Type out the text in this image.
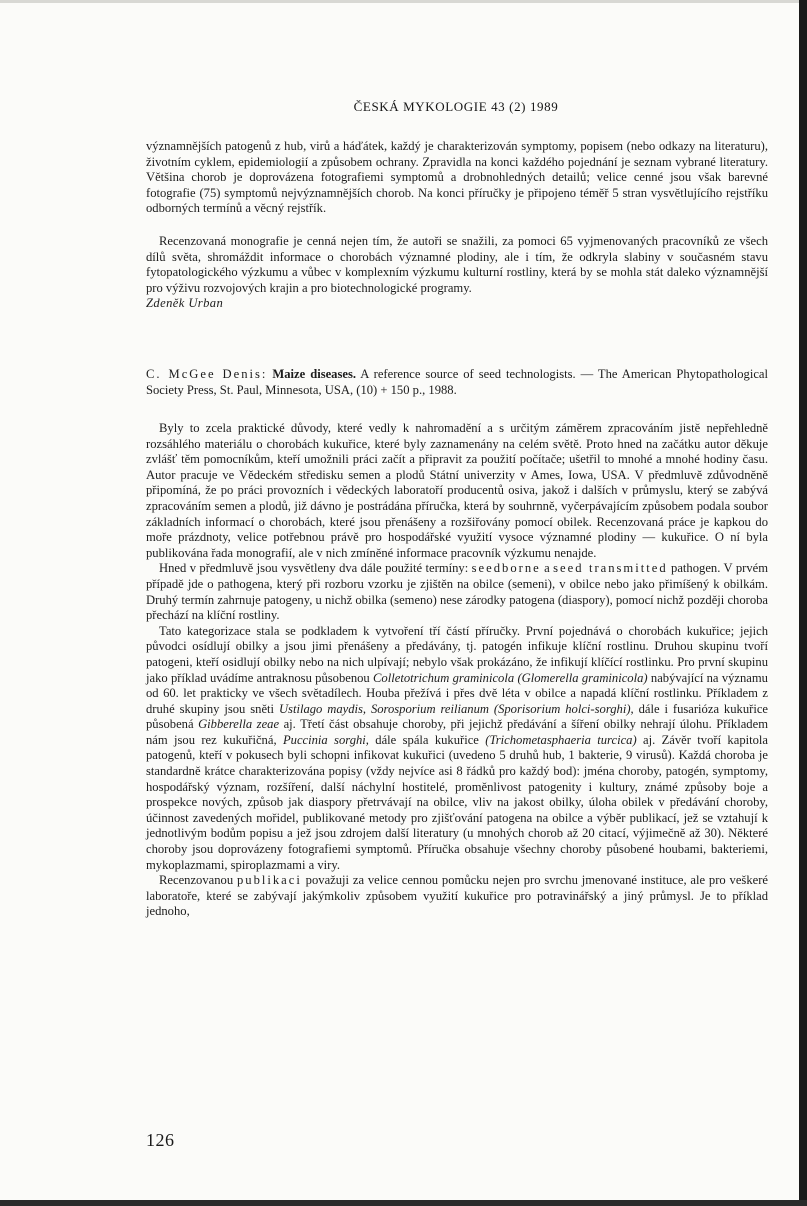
ČESKÁ MYKOLOGIE 43 (2) 1989

významnějších patogenů z hub, virů a háďátek, každý je charakterizován symptomy, popisem (nebo odkazy na literaturu), životním cyklem, epidemiologií a způsobem ochrany. Zpravidla na konci každého pojednání je seznam vybrané literatury. Většina chorob je doprovázena fotografiemi symptomů a drobnohledných detailů; velice cenné jsou však barevné fotografie (75) symptomů nejvýznamnějších chorob. Na konci příručky je připojeno téměř 5 stran vysvětlujícího rejstříku odborných termínů a věcný rejstřík.

Recenzovaná monografie je cenná nejen tím, že autoři se snažili, za pomoci 65 vyjmenovaných pracovníků ze všech dílů světa, shromáždit informace o chorobách významné plodiny, ale i tím, že odkryla slabiny v současném stavu fytopatologického výzkumu a vůbec v komplexním výzkumu kulturní rostliny, která by se mohla stát daleko významnější pro výživu rozvojových krajin a pro biotechnologické programy.

Zdeněk Urban

C. McGee Denis: Maize diseases. A reference source of seed technologists. — The American Phytopathological Society Press, St. Paul, Minnesota, USA, (10) + 150 p., 1988.

Byly to zcela praktické důvody, které vedly k nahromadění a s určitým záměrem zpracováním jistě nepřehledně rozsáhlého materiálu o chorobách kukuřice, které byly zaznamenány na celém světě. Proto hned na začátku autor děkuje zvlášť těm pomocníkům, kteří umožnili práci začít a připravit za použití počítače; ušetřil to mnohé a mnohé hodiny času. Autor pracuje ve Vědeckém středisku semen a plodů Státní univerzity v Ames, Iowa, USA. V předmluvě zdůvodněně připomíná, že po práci provozních i vědeckých laboratoří producentů osiva, jakož i dalších v průmyslu, který se zabývá zpracováním semen a plodů, již dávno je postrádána příručka, která by souhrnně, vyčerpávajícím způsobem podala soubor základních informací o chorobách, které jsou přenášeny a rozšiřovány pomocí obilek. Recenzovaná práce je kapkou do moře prázdnoty, velice potřebnou právě pro hospodářské využití vysoce významné plodiny — kukuřice. O ní byla publikována řada monografií, ale v nich zmíněné informace pracovník výzkumu nenajde.

Hned v předmluvě jsou vysvětleny dva dále použité termíny: seedborne a seed transmitted pathogen. V prvém případě jde o pathogena, který při rozboru vzorku je zjištěn na obilce (semeni), v obilce nebo jako přimíšený k obilkám. Druhý termín zahrnuje patogeny, u nichž obilka (semeno) nese zárodky patogena (diaspory), pomocí nichž později choroba přechází na klíční rostliny.

Tato kategorizace stala se podkladem k vytvoření tří částí příručky. První pojednává o chorobách kukuřice; jejich původci osídlují obilky a jsou jimi přenášeny a předávány, tj. patogén infikuje klíční rostlinu. Druhou skupinu tvoří patogeni, kteří osidlují obilky nebo na nich ulpívají; nebylo však prokázáno, že infikují klíčící rostlinku. Pro první skupinu jako příklad uvádíme antraknosu působenou Colletotrichum graminicola (Glomerella graminicola) nabývající na významu od 60. let prakticky ve všech světadílech. Houba přežívá i přes dvě léta v obilce a napadá klíční rostlinku. Příkladem z druhé skupiny jsou sněti Ustilago maydis, Sorosporium reilianum (Sporisorium holci-sorghi), dále i fusarióza kukuřice působená Gibberella zeae aj. Třetí část obsahuje choroby, při jejichž předávání a šíření obilky nehrají úlohu. Příkladem nám jsou rez kukuřičná, Puccinia sorghi, dále spála kukuřice (Trichometasphaeria turcica) aj. Závěr tvoří kapitola patogenů, kteří v pokusech byli schopni infikovat kukuřici (uvedeno 5 druhů hub, 1 bakterie, 9 virusů). Každá choroba je standardně krátce charakterizována popisy (vždy nejvíce asi 8 řádků pro každý bod): jména choroby, patogén, symptomy, hospodářský význam, rozšíření, další náchylní hostitelé, proměnlivost patogenity i kultury, známé způsoby boje a prospekce nových, způsob jak diaspory přetrvávají na obilce, vliv na jakost obilky, úloha obilek v předávání choroby, účinnost zavedených mořidel, publikované metody pro zjišťování patogena na obilce a výběr publikací, jež se vztahují k jednotlivým bodům popisu a jež jsou zdrojem další literatury (u mnohých chorob až 20 citací, výjimečně až 30). Některé choroby jsou doprovázeny fotografiemi symptomů. Příručka obsahuje všechny choroby působené houbami, bakteriemi, mykoplazmami, spiroplazmami a viry.

Recenzovanou publikaci považuji za velice cennou pomůcku nejen pro svrchu jmenované instituce, ale pro veškeré laboratoře, které se zabývají jakýmkoliv způsobem využití kukuřice pro potravinářský a jiný průmysl. Je to příklad jednoho,

126
